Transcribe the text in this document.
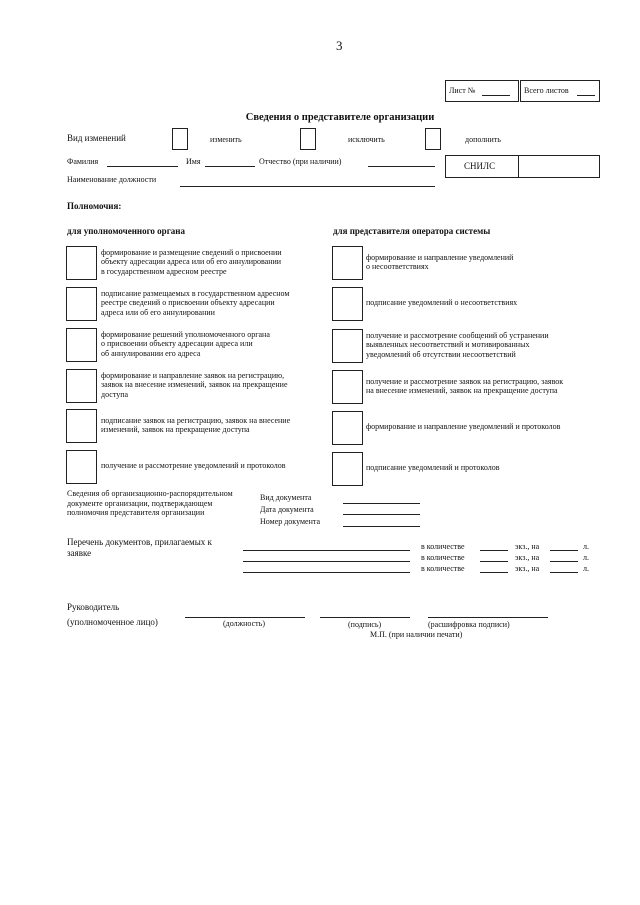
3
Лист №	Всего листов
Сведения о представителе организации
Вид изменений	изменить	исключить	дополнить
Фамилия	Имя	Отчество (при наличии)	СНИЛС
Наименование должности
Полномочия:
для уполномоченного органа	для представителя оператора системы
формирование и размещение сведений о присвоении
объекту адресации адреса или об его аннулировании
в государственном адресном реестре
подписание размещаемых в государственном адресном
реестре сведений о присвоении объекту адресации
адреса или об его аннулировании
формирование решений уполномоченного органа
о присвоении объекту адресации адреса или
об аннулировании его адреса
формирование и направление заявок на регистрацию,
заявок на внесение изменений, заявок на прекращение
доступа
подписание заявок на регистрацию, заявок на внесение
изменений, заявок на прекращение доступа
получение и рассмотрение уведомлений и протоколов
формирование и направление уведомлений
о несоответствиях
подписание уведомлений о несоответствиях
получение и рассмотрение сообщений об устранении
выявленных несоответствий и мотивированных
уведомлений об отсутствии несоответствий
получение и рассмотрение заявок на регистрацию, заявок
на внесение изменений, заявок на прекращение доступа
формирование и направление уведомлений и протоколов
подписание уведомлений и протоколов
Сведения об организационно-распорядительном
документе организации, подтверждающем
полномочия представителя организации
Вид документа
Дата документа
Номер документа
Перечень документов, прилагаемых к
заявке
в количестве	экз., на	л.
в количестве	экз., на	л.
в количестве	экз., на	л.
Руководитель
(уполномоченное лицо)	(должность)	(подпись)	(расшифровка подписи)
М.П. (при наличии печати)
